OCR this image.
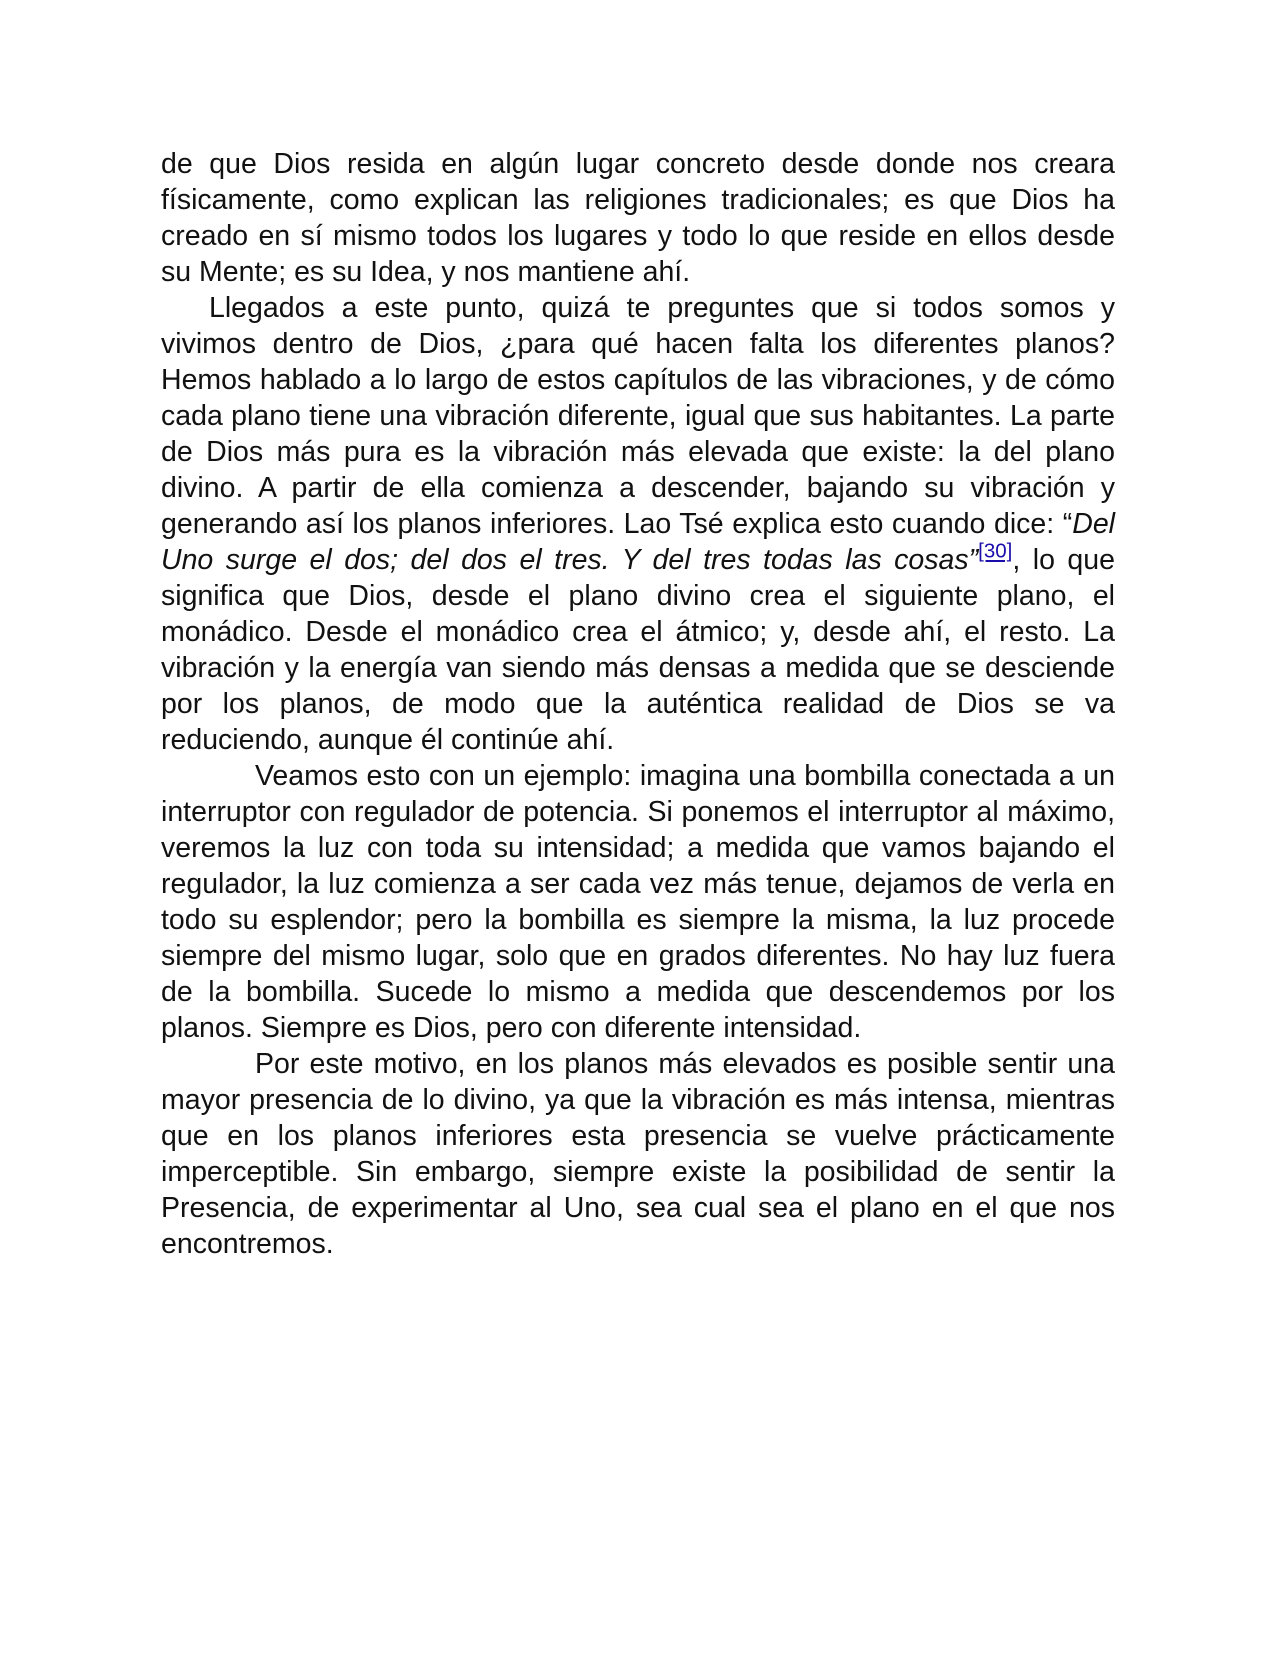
de que Dios resida en algún lugar concreto desde donde nos creara físicamente, como explican las religiones tradicionales; es que Dios ha creado en sí mismo todos los lugares y todo lo que reside en ellos desde su Mente; es su Idea, y nos mantiene ahí.

Llegados a este punto, quizá te preguntes que si todos somos y vivimos dentro de Dios, ¿para qué hacen falta los diferentes planos? Hemos hablado a lo largo de estos capítulos de las vibraciones, y de cómo cada plano tiene una vibración diferente, igual que sus habitantes. La parte de Dios más pura es la vibración más elevada que existe: la del plano divino. A partir de ella comienza a descender, bajando su vibración y generando así los planos inferiores. Lao Tsé explica esto cuando dice: “Del Uno surge el dos; del dos el tres. Y del tres todas las cosas”[30], lo que significa que Dios, desde el plano divino crea el siguiente plano, el monádico. Desde el monádico crea el átmico; y, desde ahí, el resto. La vibración y la energía van siendo más densas a medida que se desciende por los planos, de modo que la auténtica realidad de Dios se va reduciendo, aunque él continúe ahí.

Veamos esto con un ejemplo: imagina una bombilla conectada a un interruptor con regulador de potencia. Si ponemos el interruptor al máximo, veremos la luz con toda su intensidad; a medida que vamos bajando el regulador, la luz comienza a ser cada vez más tenue, dejamos de verla en todo su esplendor; pero la bombilla es siempre la misma, la luz procede siempre del mismo lugar, solo que en grados diferentes. No hay luz fuera de la bombilla. Sucede lo mismo a medida que descendemos por los planos. Siempre es Dios, pero con diferente intensidad.

Por este motivo, en los planos más elevados es posible sentir una mayor presencia de lo divino, ya que la vibración es más intensa, mientras que en los planos inferiores esta presencia se vuelve prácticamente imperceptible. Sin embargo, siempre existe la posibilidad de sentir la Presencia, de experimentar al Uno, sea cual sea el plano en el que nos encontremos.
